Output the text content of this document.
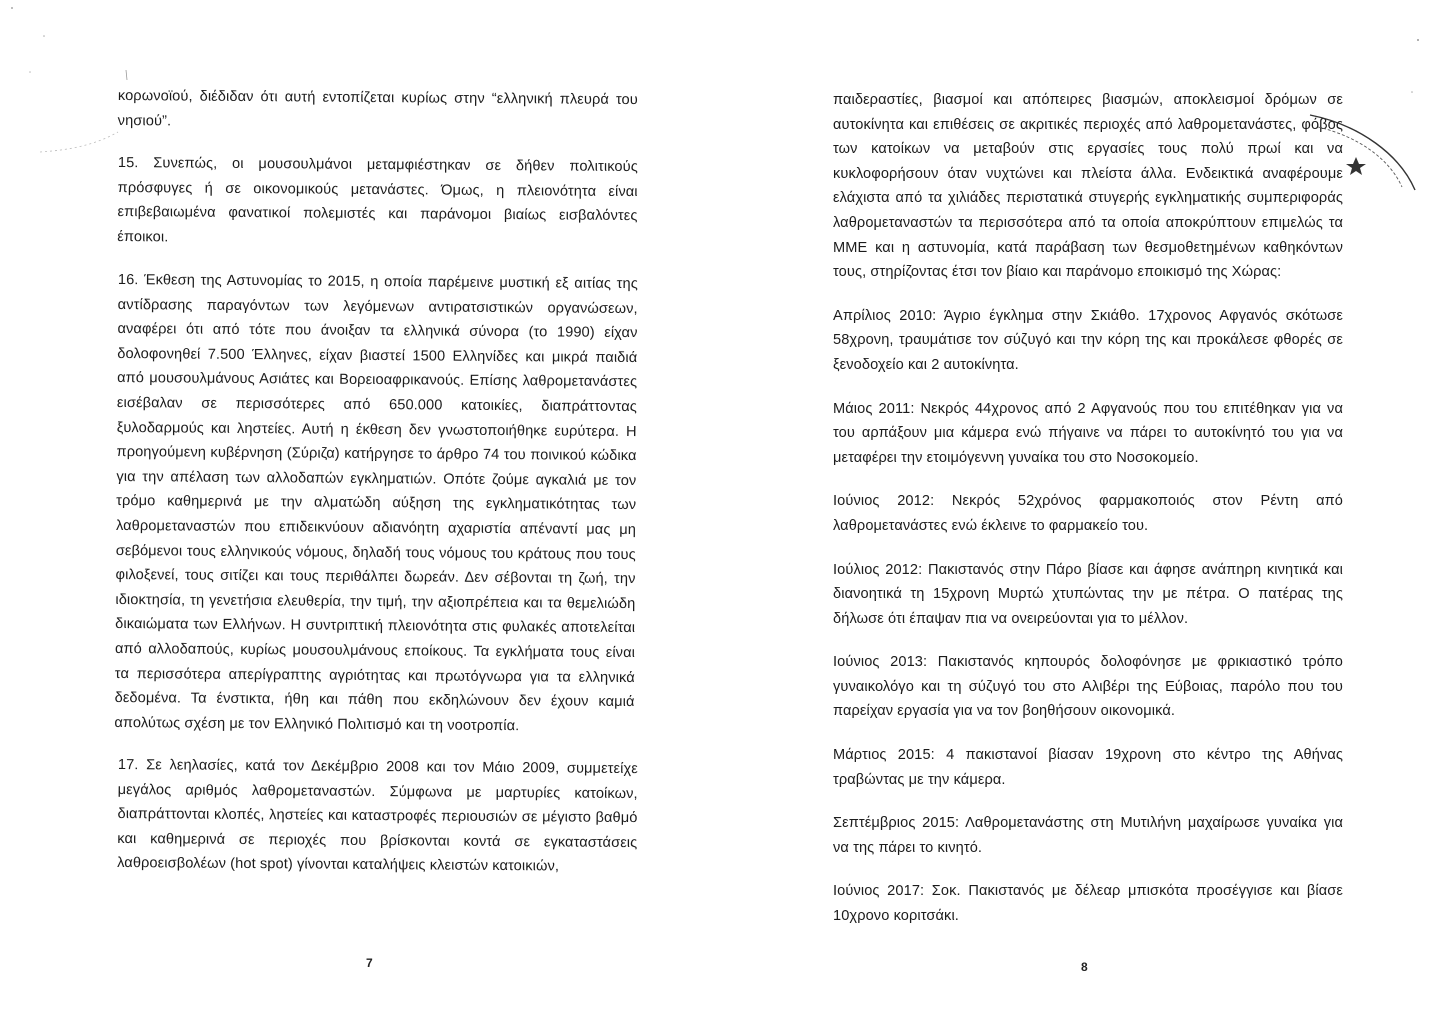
κορωνοϊού, διέδιδαν ότι αυτή εντοπίζεται κυρίως στην “ελληνική πλευρά του νησιού”.

15. Συνεπώς, οι μουσουλμάνοι μεταμφιέστηκαν σε δήθεν πολιτικούς πρόσφυγες ή σε οικονομικούς μετανάστες. Όμως, η πλειονότητα είναι επιβεβαιωμένα φανατικοί πολεμιστές και παράνομοι βιαίως εισβαλόντες έποικοι.

16. Έκθεση της Αστυνομίας το 2015, η οποία παρέμεινε μυστική εξ αιτίας της αντίδρασης παραγόντων των λεγόμενων αντιρατσιστικών οργανώσεων, αναφέρει ότι από τότε που άνοιξαν τα ελληνικά σύνορα (το 1990) είχαν δολοφονηθεί 7.500 Έλληνες, είχαν βιαστεί 1500 Ελληνίδες και μικρά παιδιά από μουσουλμάνους Ασιάτες και Βορειοαφρικανούς. Επίσης λαθρομετανάστες εισέβαλαν σε περισσότερες από 650.000 κατοικίες, διαπράττοντας ξυλοδαρμούς και ληστείες. Αυτή η έκθεση δεν γνωστοποιήθηκε ευρύτερα. Η προηγούμενη κυβέρνηση (Σύριζα) κατήργησε το άρθρο 74 του ποινικού κώδικα για την απέλαση των αλλοδαπών εγκληματιών. Οπότε ζούμε αγκαλιά με τον τρόμο καθημερινά με την αλματώδη αύξηση της εγκληματικότητας των λαθρομεταναστών που επιδεικνύουν αδιανόητη αχαριστία απέναντί μας μη σεβόμενοι τους ελληνικούς νόμους, δηλαδή τους νόμους του κράτους που τους φιλοξενεί, τους σιτίζει και τους περιθάλπει δωρεάν. Δεν σέβονται τη ζωή, την ιδιοκτησία, τη γενετήσια ελευθερία, την τιμή, την αξιοπρέπεια και τα θεμελιώδη δικαιώματα των Ελλήνων. Η συντριπτική πλειονότητα στις φυλακές αποτελείται από αλλοδαπούς, κυρίως μουσουλμάνους εποίκους. Τα εγκλήματα τους είναι τα περισσότερα απερίγραπτης αγριότητας και πρωτόγνωρα για τα ελληνικά δεδομένα. Τα ένστικτα, ήθη και πάθη που εκδηλώνουν δεν έχουν καμιά απολύτως σχέση με τον Ελληνικό Πολιτισμό και τη νοοτροπία.

17. Σε λεηλασίες, κατά τον Δεκέμβριο 2008 και τον Μάιο 2009, συμμετείχε μεγάλος αριθμός λαθρομεταναστών. Σύμφωνα με μαρτυρίες κατοίκων, διαπράττονται κλοπές, ληστείες και καταστροφές περιουσιών σε μέγιστο βαθμό και καθημερινά σε περιοχές που βρίσκονται κοντά σε εγκαταστάσεις λαθροεισβολέων (hot spot) γίνονται καταλήψεις κλειστών κατοικιών,

7

παιδεραστίες, βιασμοί και απόπειρες βιασμών, αποκλεισμοί δρόμων σε αυτοκίνητα και επιθέσεις σε ακριτικές περιοχές από λαθρομετανάστες, φόβος των κατοίκων να μεταβούν στις εργασίες τους πολύ πρωί και να κυκλοφορήσουν όταν νυχτώνει και πλείστα άλλα. Ενδεικτικά αναφέρουμε ελάχιστα από τα χιλιάδες περιστατικά στυγερής εγκληματικής συμπεριφοράς λαθρομεταναστών τα περισσότερα από τα οποία αποκρύπτουν επιμελώς τα ΜΜΕ και η αστυνομία, κατά παράβαση των θεσμοθετημένων καθηκόντων τους, στηρίζοντας έτσι τον βίαιο και παράνομο εποικισμό της Χώρας:

Απρίλιος 2010: Άγριο έγκλημα στην Σκιάθο. 17χρονος Αφγανός σκότωσε 58χρονη, τραυμάτισε τον σύζυγό και την κόρη της και προκάλεσε φθορές σε ξενοδοχείο και 2 αυτοκίνητα.

Μάιος 2011: Νεκρός 44χρονος από 2 Αφγανούς που του επιτέθηκαν για να του αρπάξουν μια κάμερα ενώ πήγαινε να πάρει το αυτοκίνητό του για να μεταφέρει την ετοιμόγεννη γυναίκα του στο Νοσοκομείο.

Ιούνιος 2012: Νεκρός 52χρόνος φαρμακοποιός στον Ρέντη από λαθρομετανάστες ενώ έκλεινε το φαρμακείο του.

Ιούλιος 2012: Πακιστανός στην Πάρο βίασε και άφησε ανάπηρη κινητικά και διανοητικά τη 15χρονη Μυρτώ χτυπώντας την με πέτρα. Ο πατέρας της δήλωσε ότι έπαψαν πια να ονειρεύονται για το μέλλον.

Ιούνιος 2013: Πακιστανός κηπουρός δολοφόνησε με φρικιαστικό τρόπο γυναικολόγο και τη σύζυγό του στο Αλιβέρι της Εύβοιας, παρόλο που του παρείχαν εργασία για να τον βοηθήσουν οικονομικά.

Μάρτιος 2015: 4 πακιστανοί βίασαν 19χρονη στο κέντρο της Αθήνας τραβώντας με την κάμερα.

Σεπτέμβριος 2015: Λαθρομετανάστης στη Μυτιλήνη μαχαίρωσε γυναίκα για να της πάρει το κινητό.

Ιούνιος 2017: Σοκ. Πακιστανός με δέλεαρ μπισκότα προσέγγισε και βίασε 10χρονο κοριτσάκι.

8
